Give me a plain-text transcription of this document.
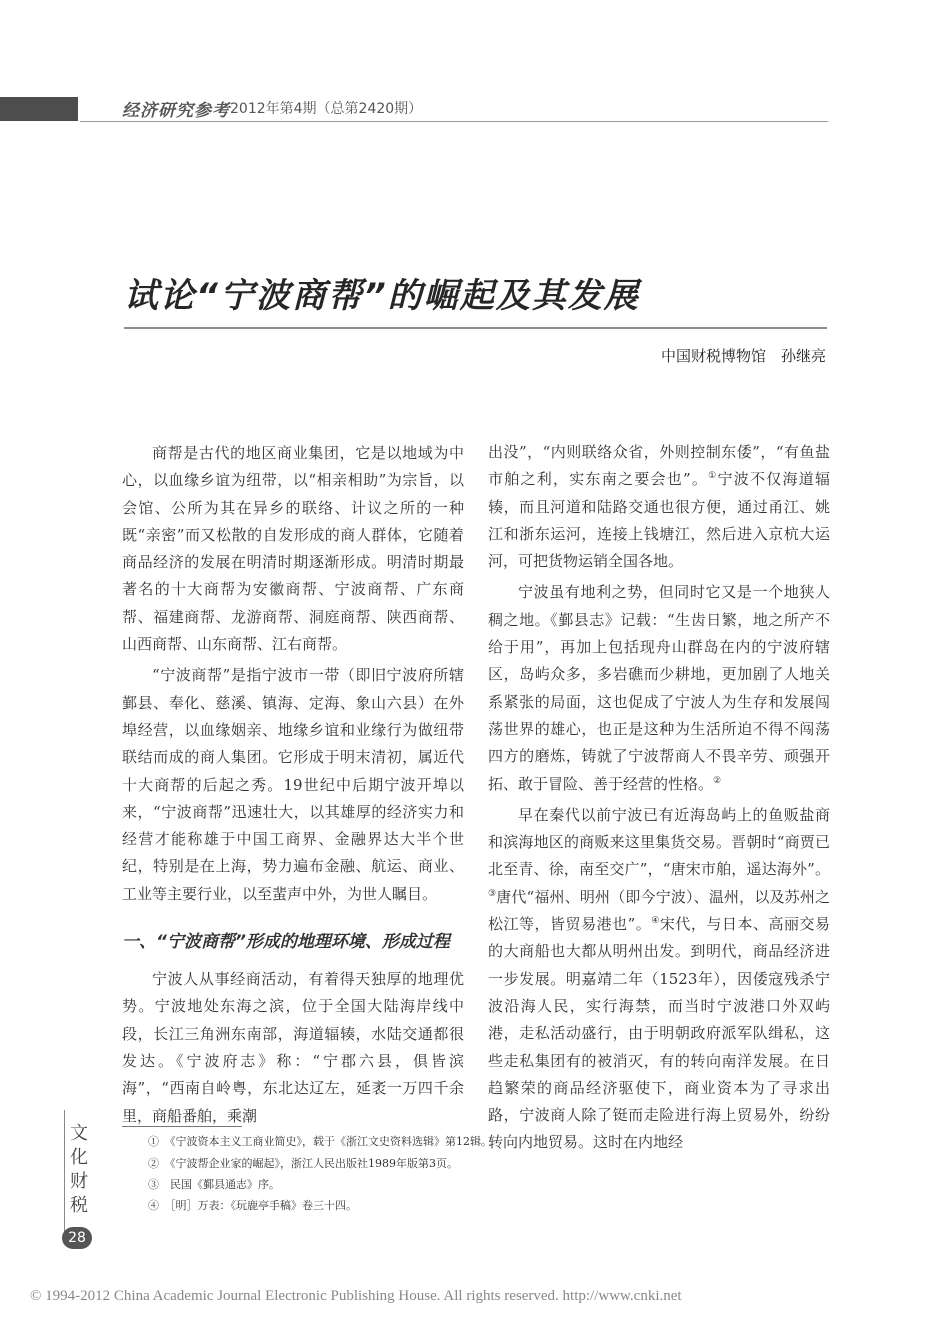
经济研究参考 2012年第4期（总第2420期）
试论“宁波商帮”的崛起及其发展
中国财税博物馆　孙继亮

商帮是古代的地区商业集团，它是以地域为中心，以血缘乡谊为纽带，以“相亲相助”为宗旨，以会馆、公所为其在异乡的联络、计议之所的一种既“亲密”而又松散的自发形成的商人群体，它随着商品经济的发展在明清时期逐渐形成。明清时期最著名的十大商帮为安徽商帮、宁波商帮、广东商帮、福建商帮、龙游商帮、洞庭商帮、陕西商帮、山西商帮、山东商帮、江右商帮。

“宁波商帮”是指宁波市一带（即旧宁波府所辖鄞县、奉化、慈溪、镇海、定海、象山六县）在外埠经营，以血缘姻亲、地缘乡谊和业缘行为做纽带联结而成的商人集团。它形成于明末清初，属近代十大商帮的后起之秀。19世纪中后期宁波开埠以来，“宁波商帮”迅速壮大，以其雄厚的经济实力和经营才能称雄于中国工商界、金融界达大半个世纪，特别是在上海，势力遍布金融、航运、商业、工业等主要行业，以至蜚声中外，为世人瞩目。

一、“宁波商帮”形成的地理环境、形成过程

宁波人从事经商活动，有着得天独厚的地理优势。宁波地处东海之滨，位于全国大陆海岸线中段，长江三角洲东南部，海道辐辏，水陆交通都很发达。《宁波府志》称：“宁郡六县，俱皆滨海”，“西南自岭粤，东北达辽左，延袤一万四千余里，商船番舶，乘潮

出没”，“内则联络众省，外则控制东倭”，“有鱼盐市舶之利，实东南之要会也”。①宁波不仅海道辐辏，而且河道和陆路交通也很方便，通过甬江、姚江和浙东运河，连接上钱塘江，然后进入京杭大运河，可把货物运销全国各地。

宁波虽有地利之势，但同时它又是一个地狭人稠之地。《鄞县志》记载：“生齿日繁，地之所产不给于用”，再加上包括现舟山群岛在内的宁波府辖区，岛屿众多，多岩礁而少耕地，更加剧了人地关系紧张的局面，这也促成了宁波人为生存和发展闯荡世界的雄心，也正是这种为生活所迫不得不闯荡四方的磨炼，铸就了宁波帮商人不畏辛劳、顽强开拓、敢于冒险、善于经营的性格。②

早在秦代以前宁波已有近海岛屿上的鱼贩盐商和滨海地区的商贩来这里集货交易。晋朝时“商贾已北至青、徐，南至交广”，“唐宋市舶，遥达海外”。③唐代“福州、明州（即今宁波）、温州，以及苏州之松江等，皆贸易港也”。④宋代，与日本、高丽交易的大商船也大都从明州出发。到明代，商品经济进一步发展。明嘉靖二年（1523年），因倭寇残杀宁波沿海人民，实行海禁，而当时宁波港口外双屿港，走私活动盛行，由于明朝政府派军队缉私，这些走私集团有的被消灭，有的转向南洋发展。在日趋繁荣的商品经济驱使下，商业资本为了寻求出路，宁波商人除了铤而走险进行海上贸易外，纷纷转向内地贸易。这时在内地经

①　《宁波资本主义工商业简史》，载于《浙江文史资料选辑》第12辑。
②　《宁波帮企业家的崛起》，浙江人民出版社1989年版第3页。
③　民国《鄞县通志》序。
④　［明］万表：《玩鹿亭手稿》卷三十四。
文化财税
28
© 1994-2012 China Academic Journal Electronic Publishing House. All rights reserved. http://www.cnki.net
